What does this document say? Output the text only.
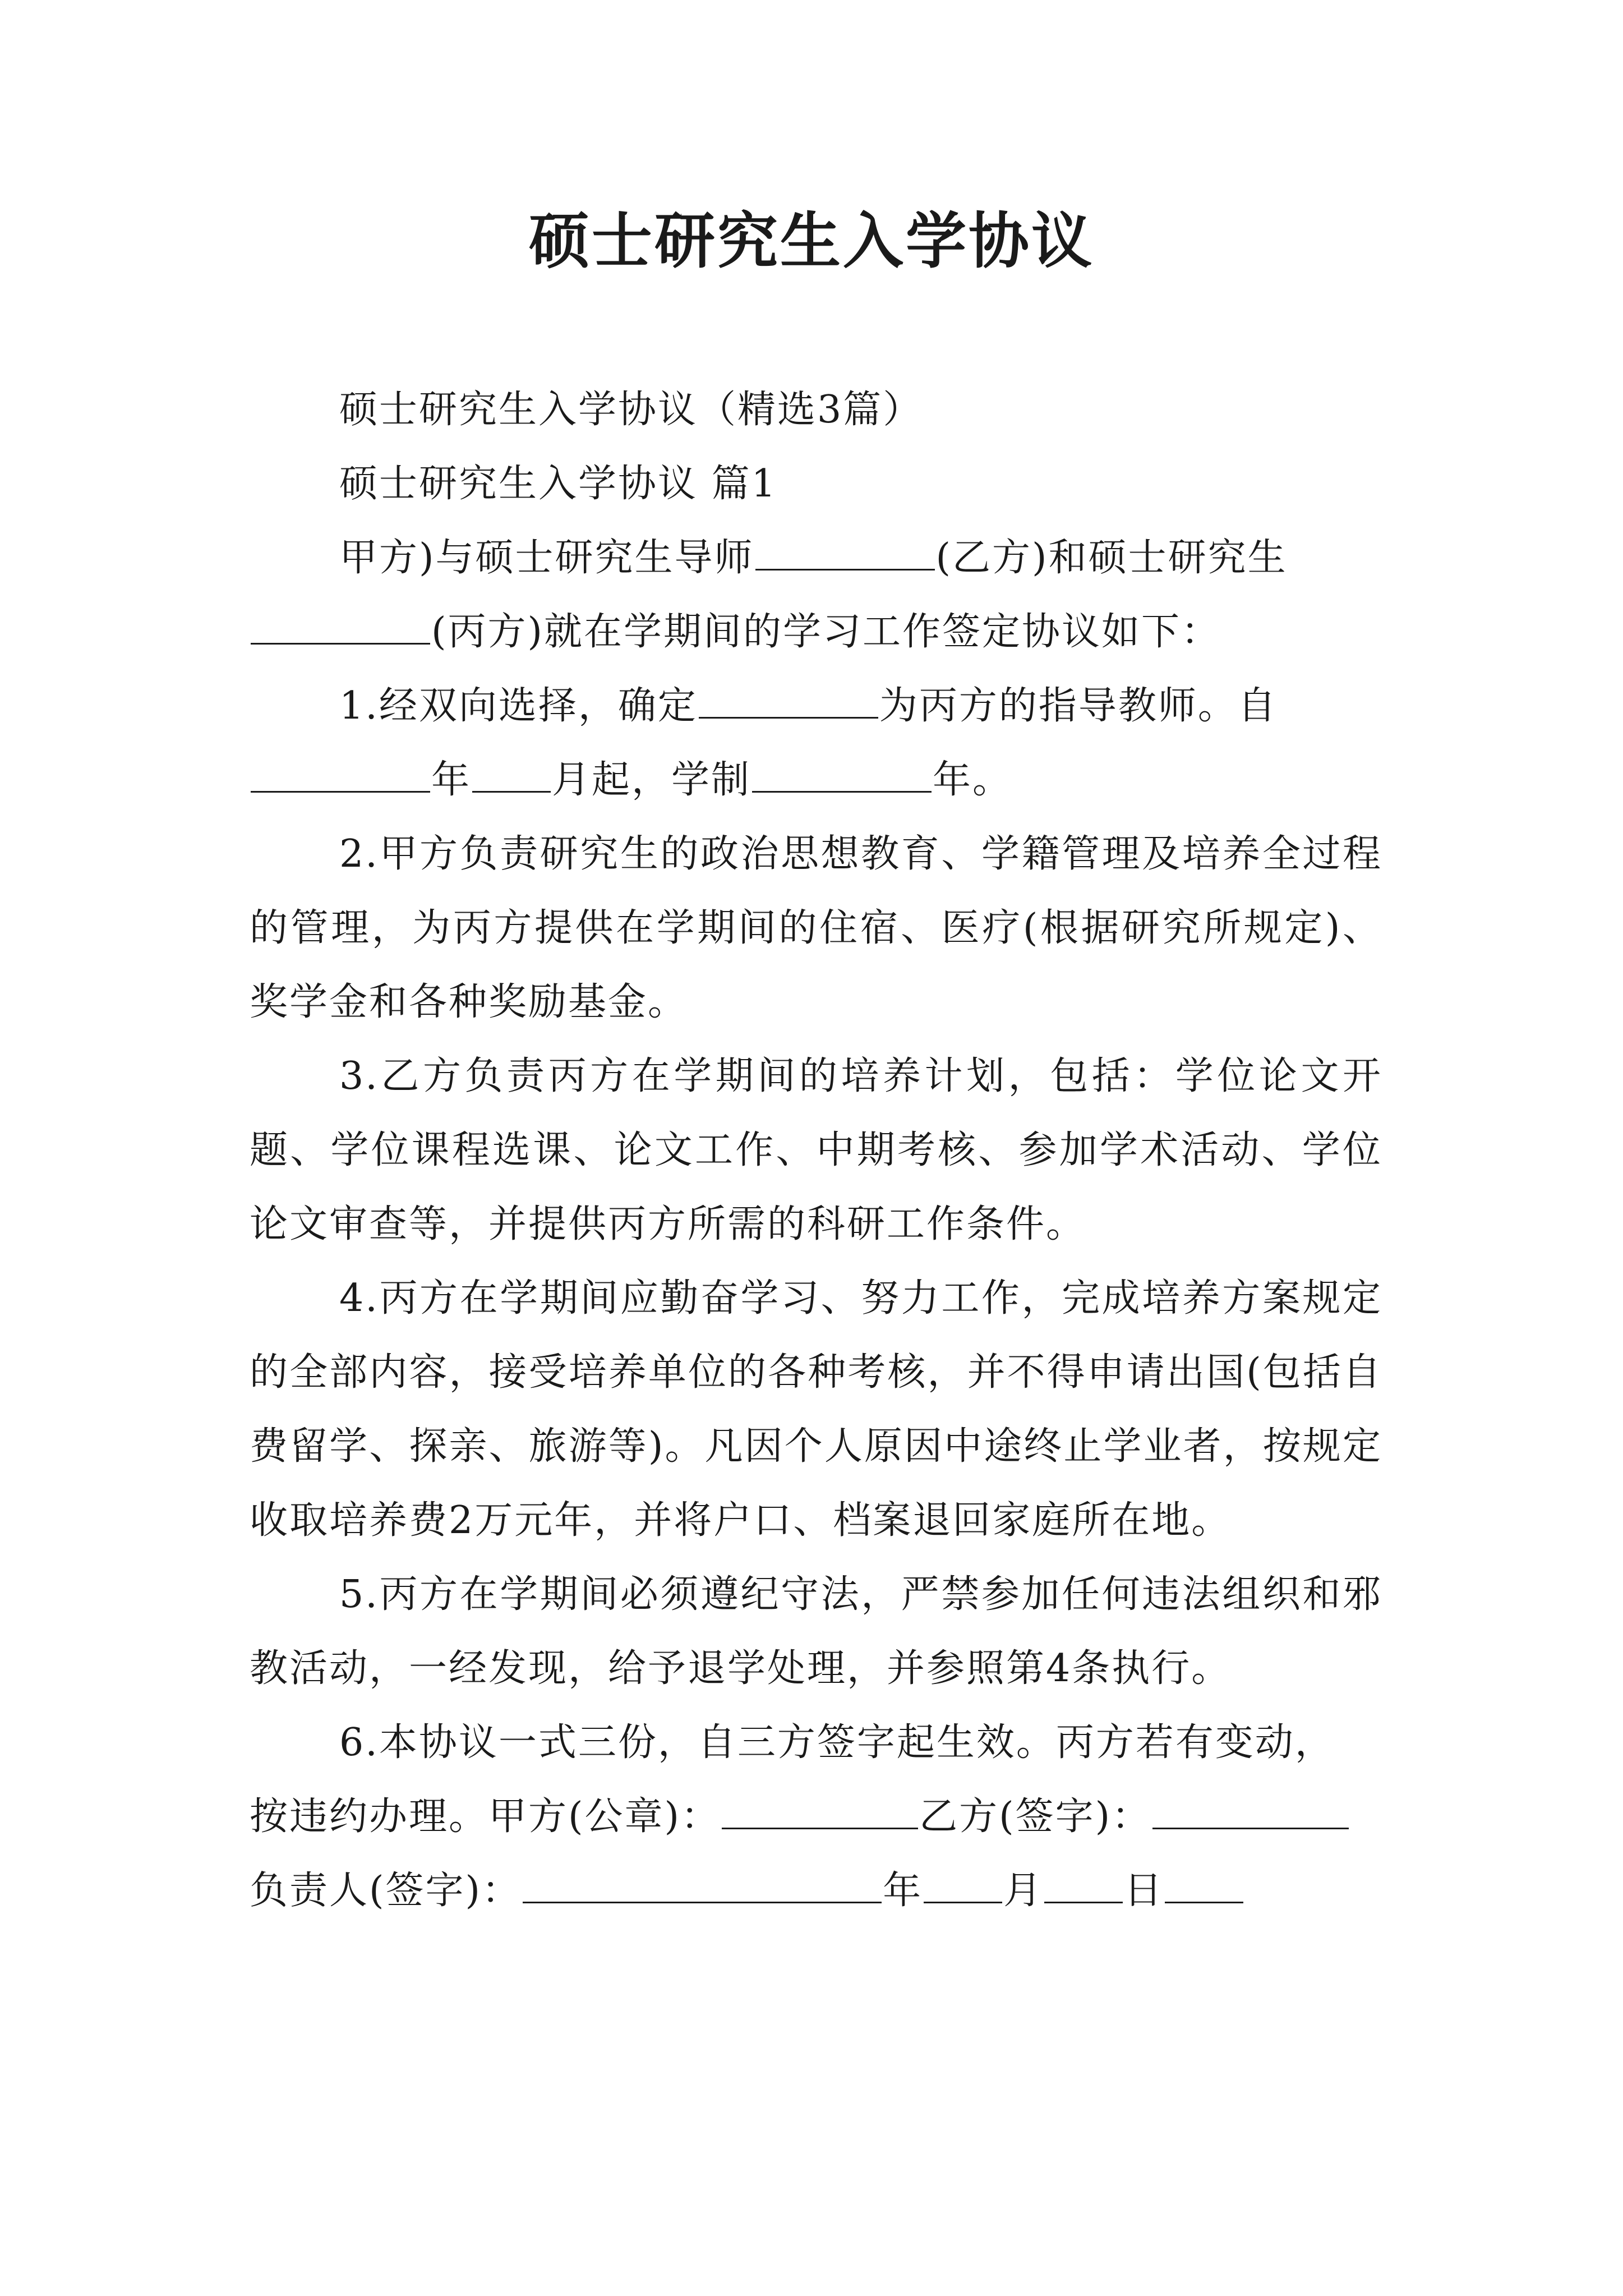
硕士研究生入学协议

硕士研究生入学协议（精选3篇）

硕士研究生入学协议 篇1

甲方)与硕士研究生导师	(乙方)和硕士研究生

(丙方)就在学期间的学习工作签定协议如下：

1.经双向选择，确定	为丙方的指导教师。自

年 月起，学制	年。

2.甲方负责研究生的政治思想教育、学籍管理及培养全过程的管理，为丙方提供在学期间的住宿、医疗(根据研究所规定)、奖学金和各种奖励基金。

3.乙方负责丙方在学期间的培养计划，包括：学位论文开题、学位课程选课、论文工作、中期考核、参加学术活动、学位论文审查等，并提供丙方所需的科研工作条件。

4.丙方在学期间应勤奋学习、努力工作，完成培养方案规定的全部内容，接受培养单位的各种考核，并不得申请出国(包括自费留学、探亲、旅游等)。凡因个人原因中途终止学业者，按规定收取培养费2万元年，并将户口、档案退回家庭所在地。

5.丙方在学期间必须遵纪守法，严禁参加任何违法组织和邪教活动，一经发现，给予退学处理，并参照第4条执行。

6.本协议一式三份，自三方签字起生效。丙方若有变动，

按违约办理。甲方(公章)：	乙方(签字)：

负责人(签字)：	年 月 日
